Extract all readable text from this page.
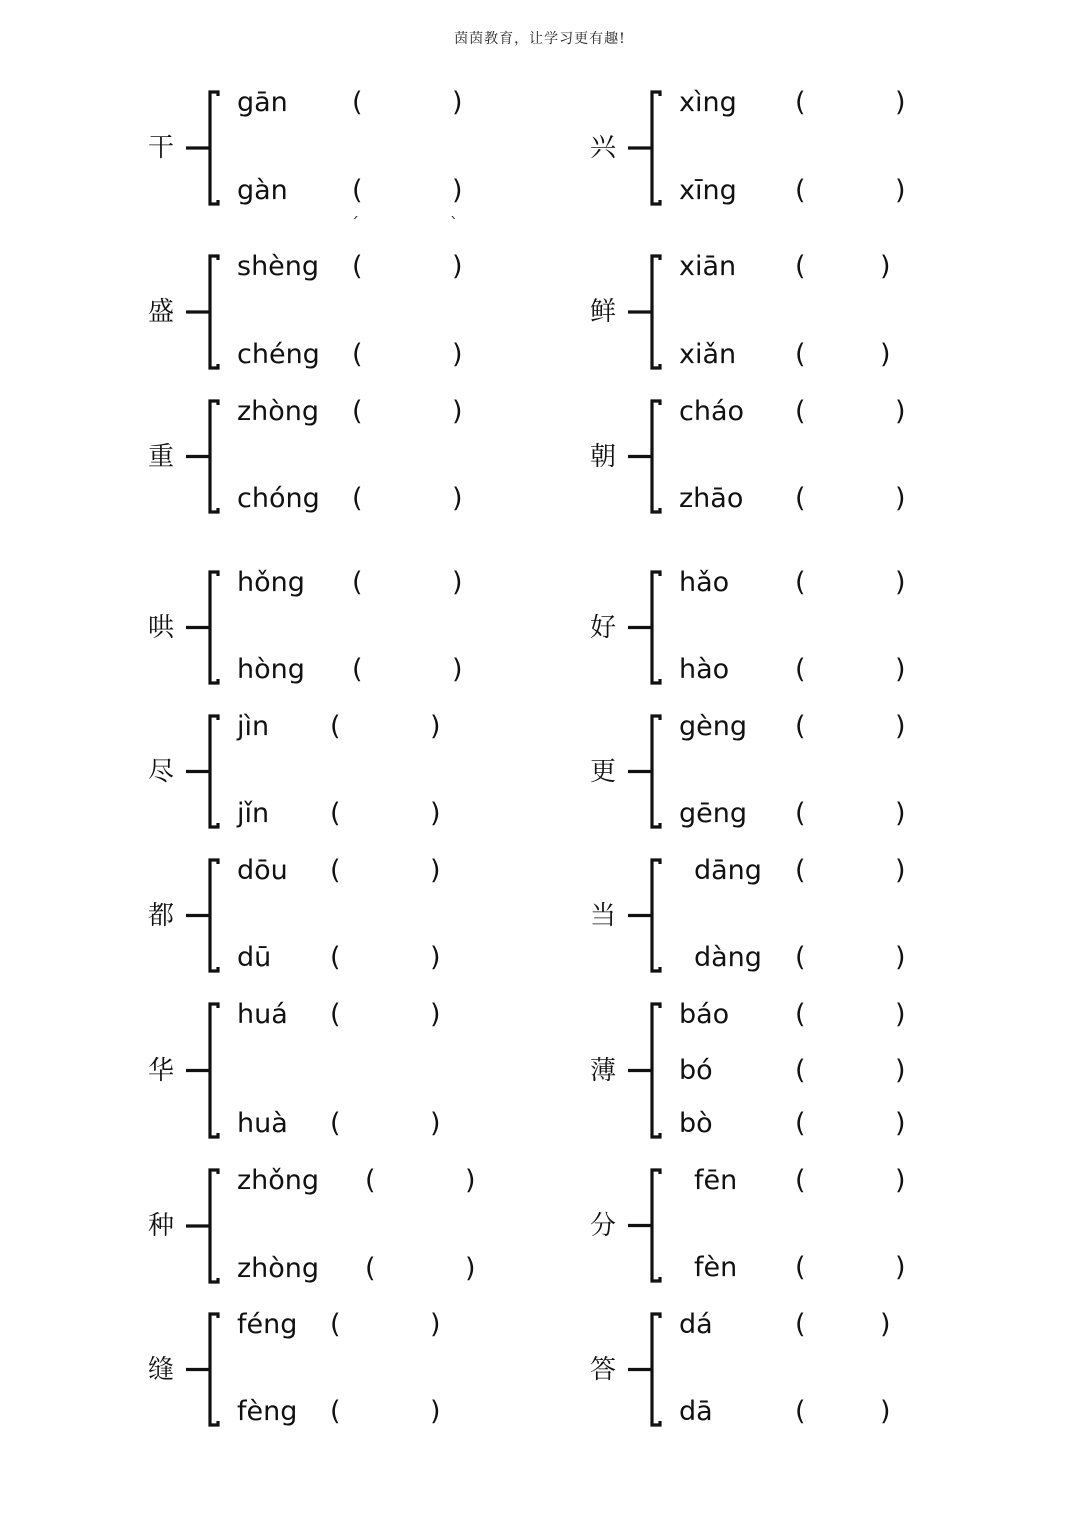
茵茵教育，让学习更有趣!
ˊ	ˋ
干
gān (	)
gàn (	)
盛
shèng (	)
chéng (	)
重
zhòng (	)
chóng (	)
哄
hǒng (	)
hòng (	)
尽
jìn (	)
jǐn (	)
都
dōu (	)
dū (	)
华
huá (	)
huà (	)
种
zhǒng (	)
zhòng (	)
缝
féng (	)
fèng (	)
兴
xìng (	)
xīng (	)
鲜
xiān (	)
xiǎn (	)
朝
cháo (	)
zhāo (	)
好
hǎo (	)
hào (	)
更
gèng (	)
gēng (	)
当
dāng (	)
dàng (	)
薄
báo (	)
bó	(	)
bò	(	)
分
fēn (	)
fèn (	)
答
dá	(	)
dā	(	)
